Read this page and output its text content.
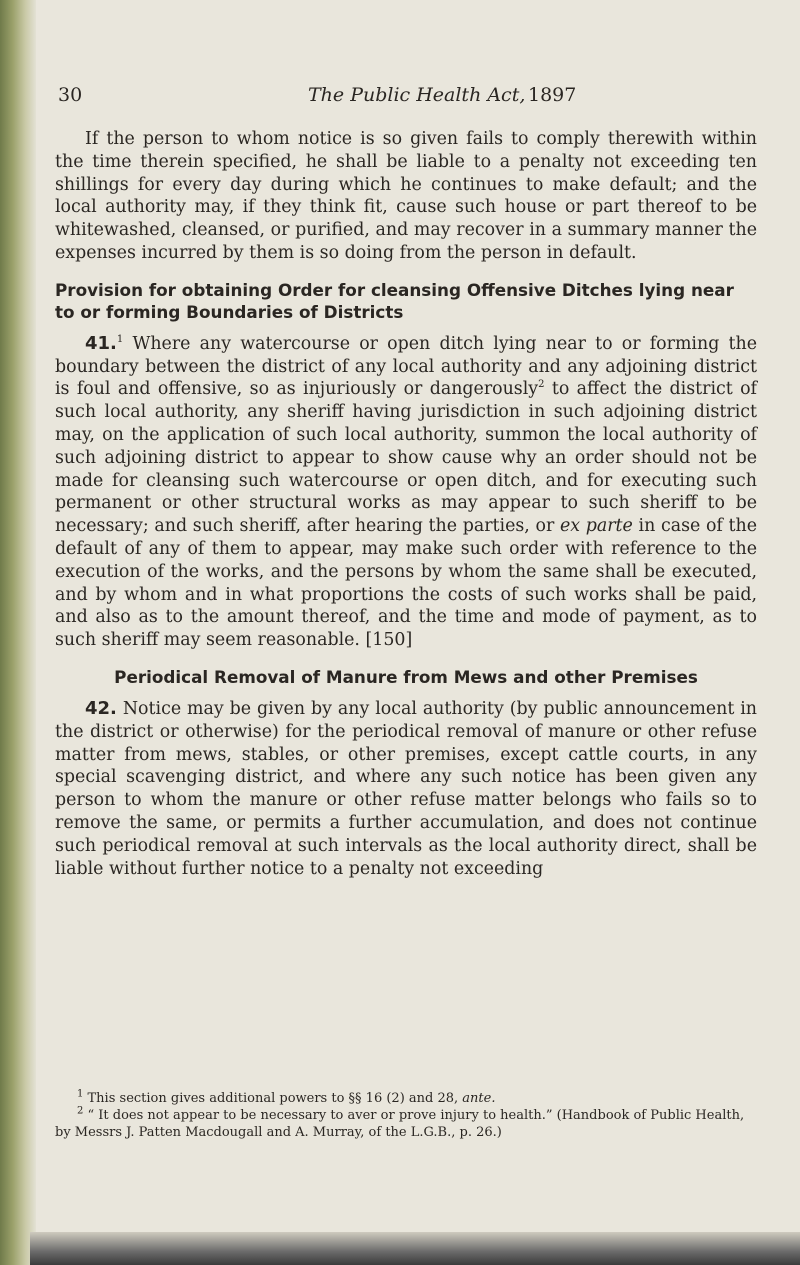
30	The Public Health Act, 1897

If the person to whom notice is so given fails to comply therewith within the time therein specified, he shall be liable to a penalty not exceeding ten shillings for every day during which he continues to make default; and the local authority may, if they think fit, cause such house or part thereof to be whitewashed, cleansed, or purified, and may recover in a summary manner the expenses incurred by them is so doing from the person in default.

Provision for obtaining Order for cleansing Offensive Ditches lying near to or forming Boundaries of Districts

41.$^1$ Where any watercourse or open ditch lying near to or forming the boundary between the district of any local authority and any adjoining district is foul and offensive, so as injuriously or dangerously$^2$ to affect the district of such local authority, any sheriff having jurisdiction in such adjoining district may, on the application of such local authority, summon the local authority of such adjoining district to appear to show cause why an order should not be made for cleansing such watercourse or open ditch, and for executing such permanent or other structural works as may appear to such sheriff to be necessary; and such sheriff, after hearing the parties, or ex parte in case of the default of any of them to appear, may make such order with reference to the execution of the works, and the persons by whom the same shall be executed, and by whom and in what proportions the costs of such works shall be paid, and also as to the amount thereof, and the time and mode of payment, as to such sheriff may seem reasonable. [150]

Periodical Removal of Manure from Mews and other Premises

42. Notice may be given by any local authority (by public announcement in the district or otherwise) for the periodical removal of manure or other refuse matter from mews, stables, or other premises, except cattle courts, in any special scavenging district, and where any such notice has been given any person to whom the manure or other refuse matter belongs who fails so to remove the same, or permits a further accumulation, and does not continue such periodical removal at such intervals as the local authority direct, shall be liable without further notice to a penalty not exceeding

$^1$ This section gives additional powers to §§ 16 (2) and 28, ante.

$^2$ “ It does not appear to be necessary to aver or prove injury to health.” (Handbook of Public Health, by Messrs J. Patten Macdougall and A. Murray, of the L.G.B., p. 26.)
